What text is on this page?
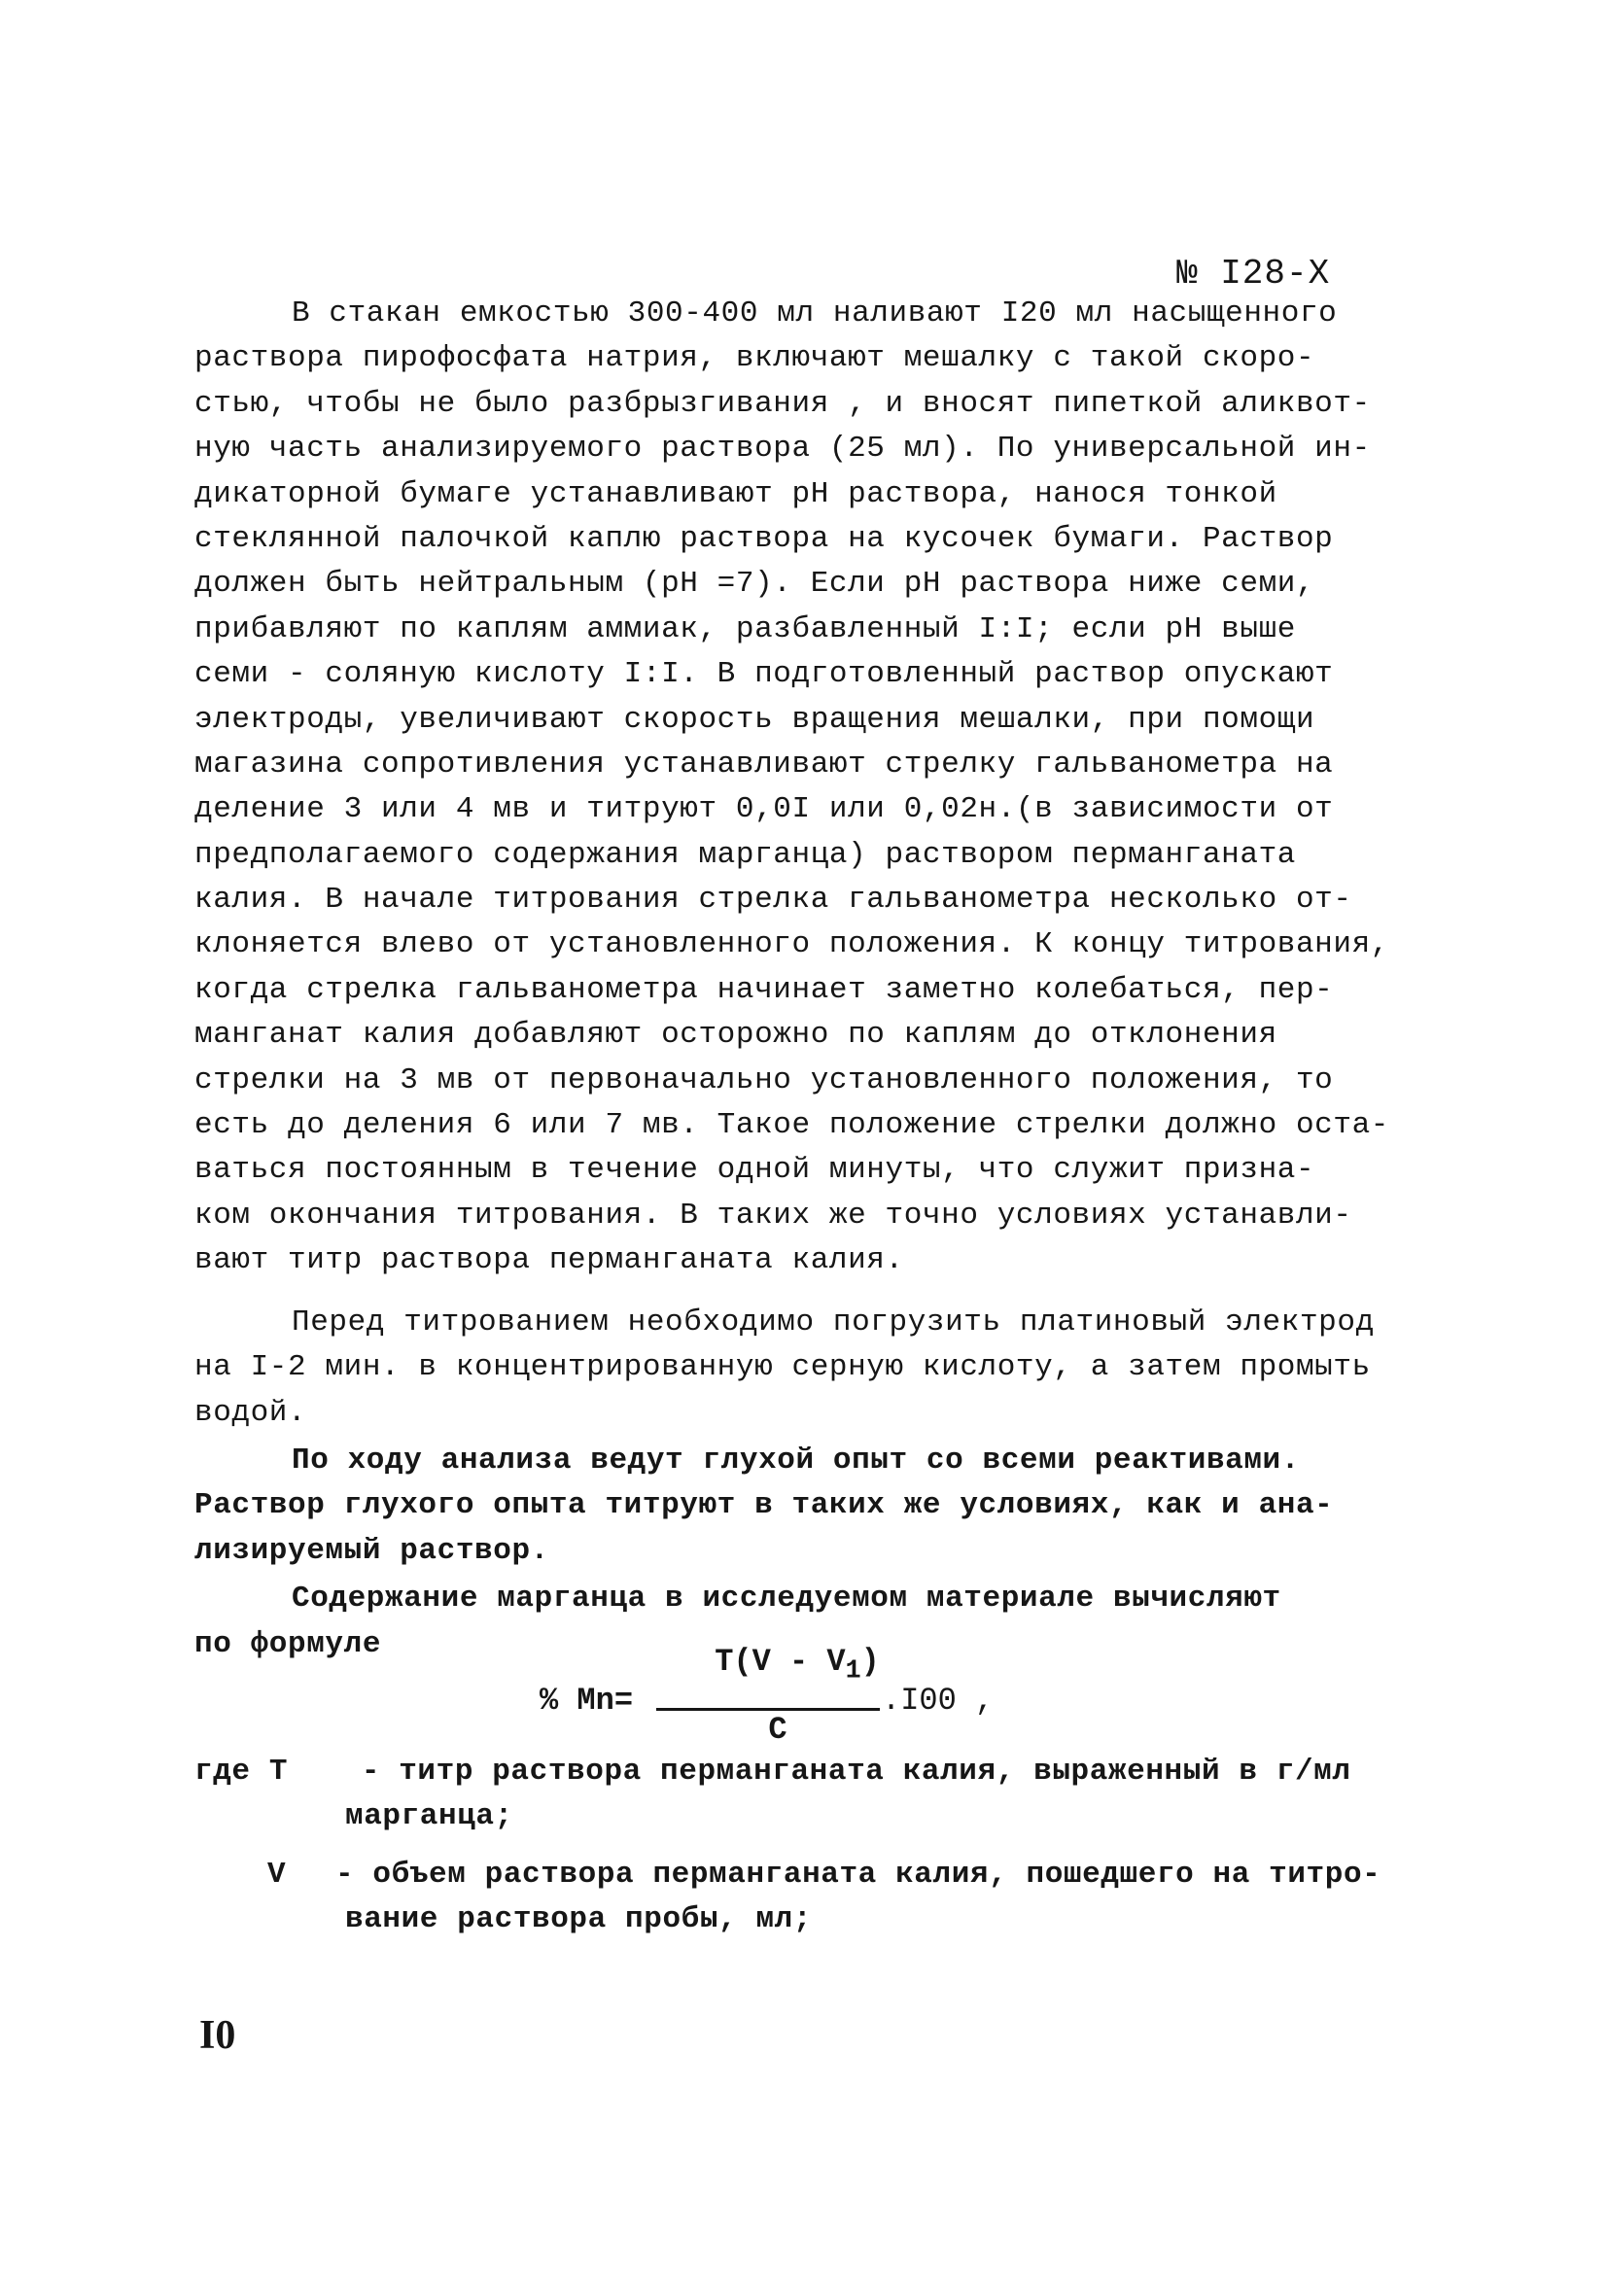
№ I28-X
В стакан емкостью 300-400 мл наливают I20 мл насыщенного
раствора пирофосфата натрия, включают мешалку с такой скоро-
стью, чтобы не было разбрызгивания , и вносят пипеткой аликвот-
ную часть анализируемого раствора (25 мл). По универсальной ин-
дикаторной бумаге устанавливают рН раствора, нанося тонкой
стеклянной палочкой каплю раствора на кусочек бумаги. Раствор
должен быть нейтральным (рН =7). Если рН раствора ниже семи,
прибавляют по каплям аммиак, разбавленный I:I; если рН выше
семи - соляную кислоту I:I. В подготовленный раствор опускают
электроды, увеличивают скорость вращения мешалки, при помощи
магазина сопротивления устанавливают стрелку гальванометра на
деление 3 или 4 мв и титруют 0,0I или 0,02н.(в зависимости от
предполагаемого содержания марганца) раствором перманганата
калия. В начале титрования стрелка гальванометра несколько от-
клоняется влево от установленного положения. К концу титрования,
когда стрелка гальванометра начинает заметно колебаться, пер-
манганат калия добавляют осторожно по каплям до отклонения
стрелки на 3 мв от первоначально установленного положения, то
есть до деления 6 или 7 мв. Такое положение стрелки должно оста-
ваться постоянным в течение одной минуты, что служит призна-
ком окончания титрования. В таких же точно условиях устанавли-
вают титр раствора перманганата калия.
Перед титрованием необходимо погрузить платиновый электрод
на I-2 мин. в концентрированную серную кислоту, а затем промыть
водой.
По ходу анализа ведут глухой опыт со всеми реактивами.
Раствор глухого опыта титруют в таких же условиях, как и ана-
лизируемый раствор.
Содержание марганца в исследуемом материале вычисляют
по формуле
% Mn=
$T(V - V_1)$
C
.I00 ,
где Т - титр раствора перманганата калия, выраженный в г/мл
марганца;
V - объем раствора перманганата калия, пошедшего на титро-
вание раствора пробы, мл;
I0
